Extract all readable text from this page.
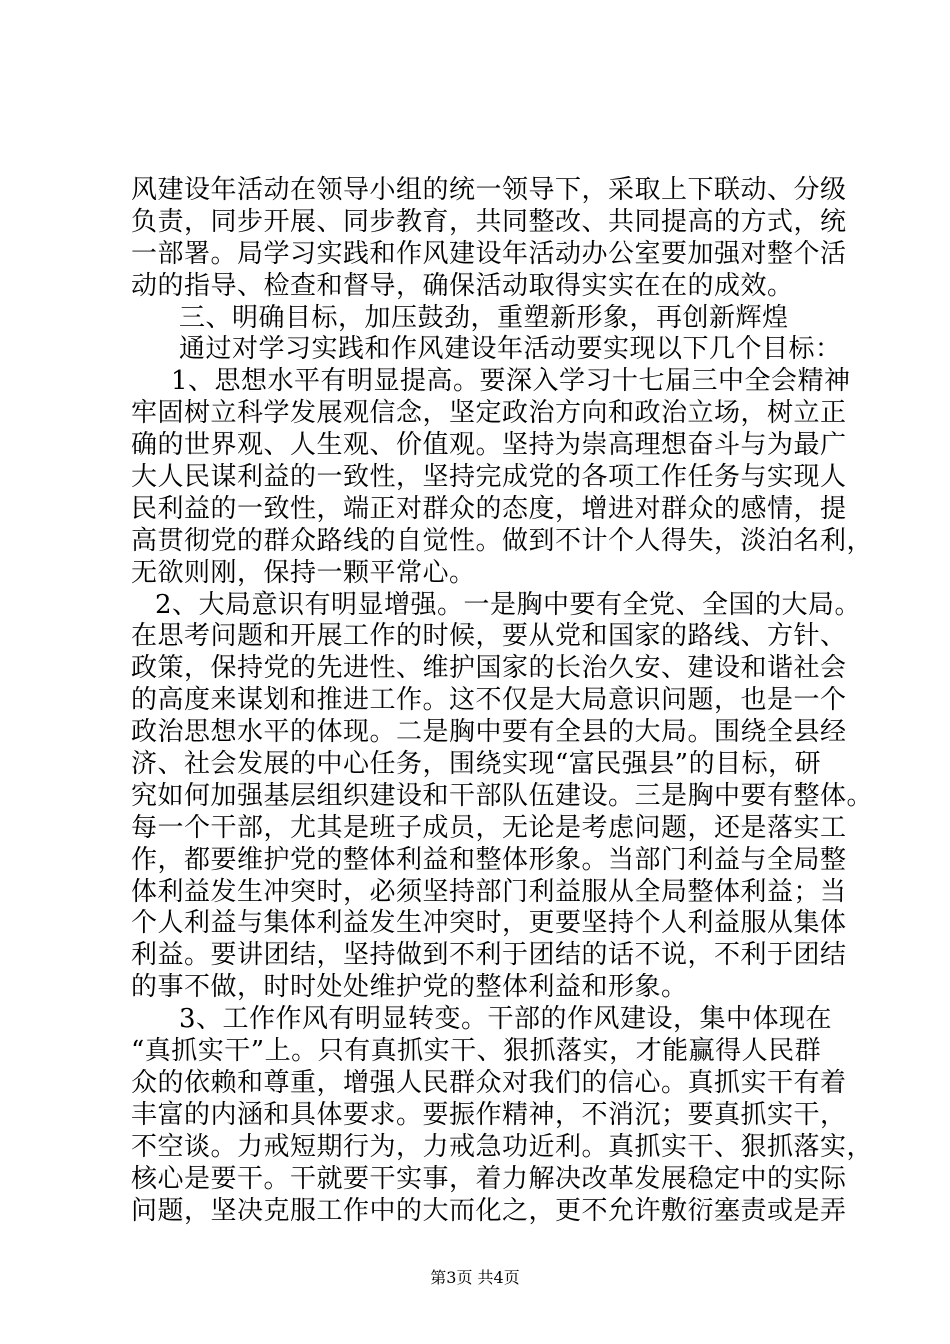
风建设年活动在领导小组的统一领导下，采取上下联动、分级
负责，同步开展、同步教育，共同整改、共同提高的方式，统
一部署。局学习实践和作风建设年活动办公室要加强对整个活
动的指导、检查和督导，确保活动取得实实在在的成效。
三、明确目标，加压鼓劲，重塑新形象，再创新辉煌
通过对学习实践和作风建设年活动要实现以下几个目标：
1、思想水平有明显提高。要深入学习十七届三中全会精神
牢固树立科学发展观信念，坚定政治方向和政治立场，树立正
确的世界观、人生观、价值观。坚持为崇高理想奋斗与为最广
大人民谋利益的一致性，坚持完成党的各项工作任务与实现人
民利益的一致性，端正对群众的态度，增进对群众的感情，提
高贯彻党的群众路线的自觉性。做到不计个人得失，淡泊名利，
无欲则刚，保持一颗平常心。
2、大局意识有明显增强。一是胸中要有全党、全国的大局。
在思考问题和开展工作的时候，要从党和国家的路线、方针、
政策，保持党的先进性、维护国家的长治久安、建设和谐社会
的高度来谋划和推进工作。这不仅是大局意识问题，也是一个
政治思想水平的体现。二是胸中要有全县的大局。围绕全县经
济、社会发展的中心任务，围绕实现“富民强县”的目标，研
究如何加强基层组织建设和干部队伍建设。三是胸中要有整体。
每一个干部，尤其是班子成员，无论是考虑问题，还是落实工
作，都要维护党的整体利益和整体形象。当部门利益与全局整
体利益发生冲突时，必须坚持部门利益服从全局整体利益；当
个人利益与集体利益发生冲突时，更要坚持个人利益服从集体
利益。要讲团结，坚持做到不利于团结的话不说，不利于团结
的事不做，时时处处维护党的整体利益和形象。
3、工作作风有明显转变。干部的作风建设，集中体现在
“真抓实干”上。只有真抓实干、狠抓落实，才能赢得人民群
众的依赖和尊重，增强人民群众对我们的信心。真抓实干有着
丰富的内涵和具体要求。要振作精神，不消沉；要真抓实干，
不空谈。力戒短期行为，力戒急功近利。真抓实干、狠抓落实，
核心是要干。干就要干实事，着力解决改革发展稳定中的实际
问题，坚决克服工作中的大而化之，更不允许敷衍塞责或是弄
第3页 共4页
